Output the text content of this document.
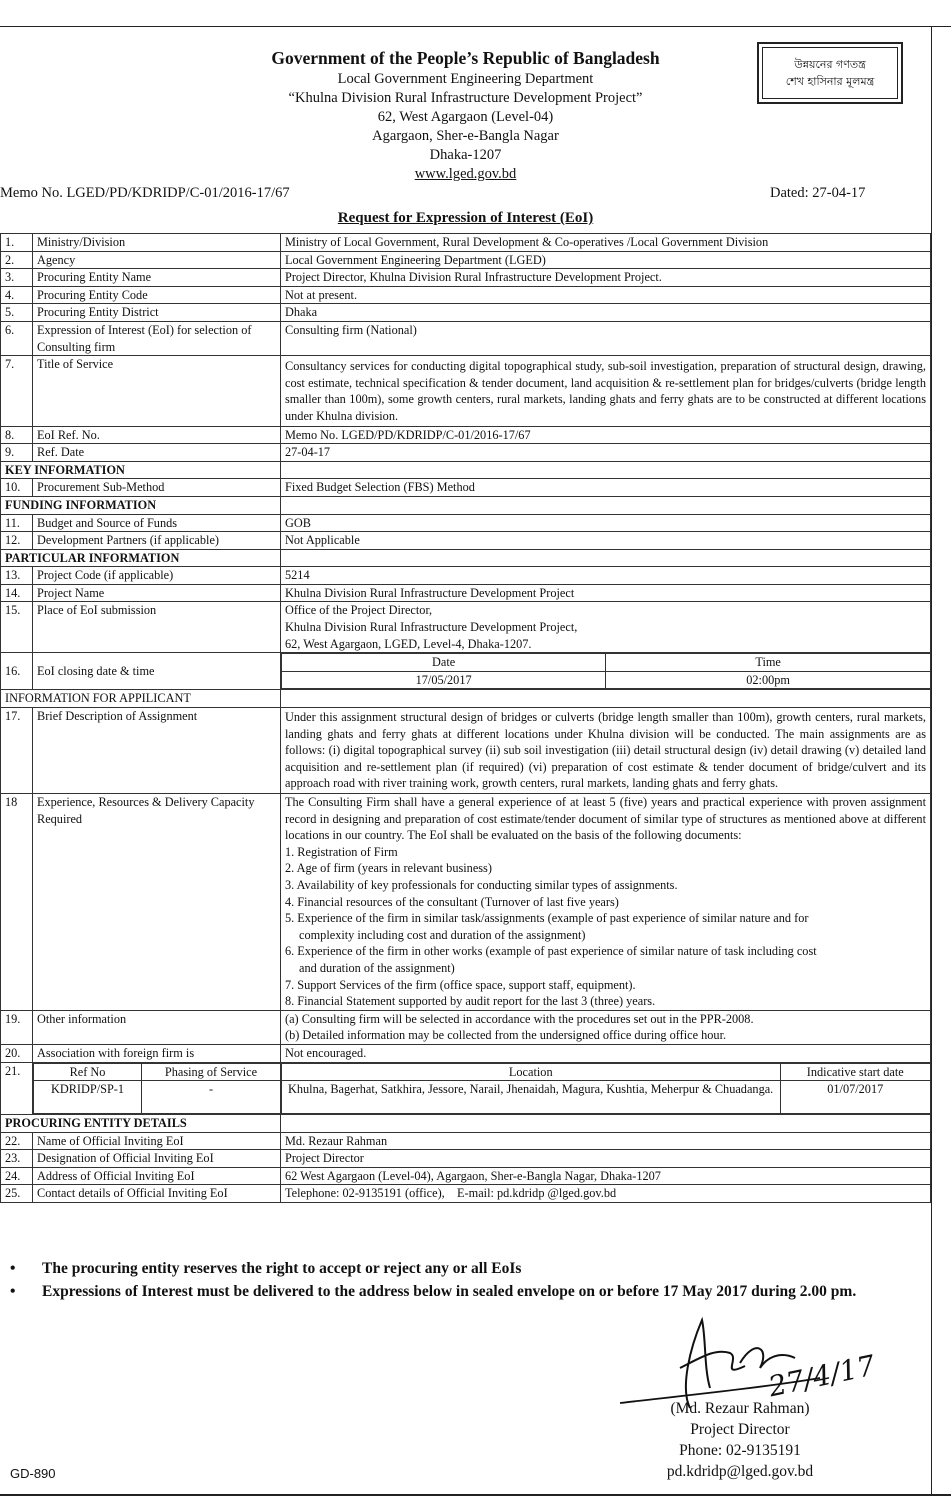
Government of the People’s Republic of Bangladesh
Local Government Engineering Department
“Khulna Division Rural Infrastructure Development Project”
62, West Agargaon (Level-04)
Agargaon, Sher-e-Bangla Nagar
Dhaka-1207
www.lged.gov.bd
উন্নয়নের গণতন্ত্র
শেখ হাসিনার মূলমন্ত্র
Memo No. LGED/PD/KDRIDP/C-01/2016-17/67	Dated: 27-04-17
Request for Expression of Interest (EoI)
1.	Ministry/Division	Ministry of Local Government, Rural Development & Co-operatives /Local Government Division
2.	Agency	Local Government Engineering Department (LGED)
3.	Procuring Entity Name	Project Director, Khulna Division Rural Infrastructure Development Project.
4.	Procuring Entity Code	Not at present.
5.	Procuring Entity District	Dhaka
6.	Expression of Interest (EoI) for selection of Consulting firm	Consulting firm (National)
7.	Title of Service	Consultancy services for conducting digital topographical study, sub-soil investigation, preparation of structural design, drawing, cost estimate, technical specification & tender document, land acquisition & re-settlement plan for bridges/culverts (bridge length smaller than 100m), some growth centers, rural markets, landing ghats and ferry ghats are to be constructed at different locations under Khulna division.
8.	EoI Ref. No.	Memo No. LGED/PD/KDRIDP/C-01/2016-17/67
9.	Ref. Date	27-04-17
KEY INFORMATION	
10.	Procurement Sub-Method	Fixed Budget Selection (FBS) Method
FUNDING INFORMATION	
11.	Budget and Source of Funds	GOB
12.	Development Partners (if applicable)	Not Applicable
PARTICULAR INFORMATION	
13.	Project Code (if applicable)	5214
14.	Project Name	Khulna Division Rural Infrastructure Development Project
15.	Place of EoI submission	Office of the Project Director,
Khulna Division Rural Infrastructure Development Project,
62, West Agargaon, LGED, Level-4, Dhaka-1207.

16.	EoI closing date & time	
Date	Time
17/05/2017	02:00pm

INFORMATION FOR APPILICANT	
17.	Brief Description of Assignment	Under this assignment structural design of bridges or culverts (bridge length smaller than 100m), growth centers, rural markets, landing ghats and ferry ghats at different locations under Khulna division will be conducted. The main assignments are as follows: (i) digital topographical survey (ii) sub soil investigation (iii) detail structural design (iv) detail drawing (v) detailed land acquisition and re-settlement plan (if required) (vi) preparation of cost estimate & tender document of bridge/culvert and its approach road with river training work, growth centers, rural markets, landing ghats and ferry ghats.
18	Experience, Resources & Delivery Capacity Required	
The Consulting Firm shall have a general experience of at least 5 (five) years and practical experience with proven assignment record in designing and preparation of cost estimate/tender document of similar type of structures as mentioned above at different locations in our country. The EoI shall be evaluated on the basis of the following documents:
1. Registration of Firm
2. Age of firm (years in relevant business)
3. Availability of key professionals for conducting similar types of assignments.
4. Financial resources of the consultant (Turnover of last five years)
5. Experience of the firm in similar task/assignments (example of past experience of similar nature and for
complexity including cost and duration of the assignment)
6. Experience of the firm in other works (example of past experience of similar nature of task including cost
and duration of the assignment)
7. Support Services of the firm (office space, support staff, equipment).
8. Financial Statement supported by audit report for the last 3 (three) years.

19.	Other information	(a) Consulting firm will be selected in accordance with the procedures set out in the PPR-2008.
(b) Detailed information may be collected from the undersigned office during office hour.

20.	Association with foreign firm is	Not encouraged.
21.		Ref No	Phasing of Service
KDRIDP/SP-1	-

Location	Indicative start date
Khulna, Bagerhat, Satkhira, Jessore, Narail, Jhenaidah, Magura, Kushtia, Meherpur & Chuadanga.	01/07/2017

PROCURING ENTITY DETAILS	
22.	Name of Official Inviting EoI	Md. Rezaur Rahman
23.	Designation of Official Inviting EoI	Project Director
24.	Address of Official Inviting EoI	62 West Agargaon (Level-04), Agargaon, Sher-e-Bangla Nagar, Dhaka-1207
25.	Contact details of Official Inviting EoI	Telephone: 02-9135191 (office),    E-mail: pd.kdridp @lged.gov.bd
• The procuring entity reserves the right to accept or reject any or all EoIs
• Expressions of Interest must be delivered to the address below in sealed envelope on or before 17 May 2017 during 2.00 pm.
27/4/17
(Md. Rezaur Rahman)
Project Director
Phone: 02-9135191
pd.kdridp@lged.gov.bd
GD-890
